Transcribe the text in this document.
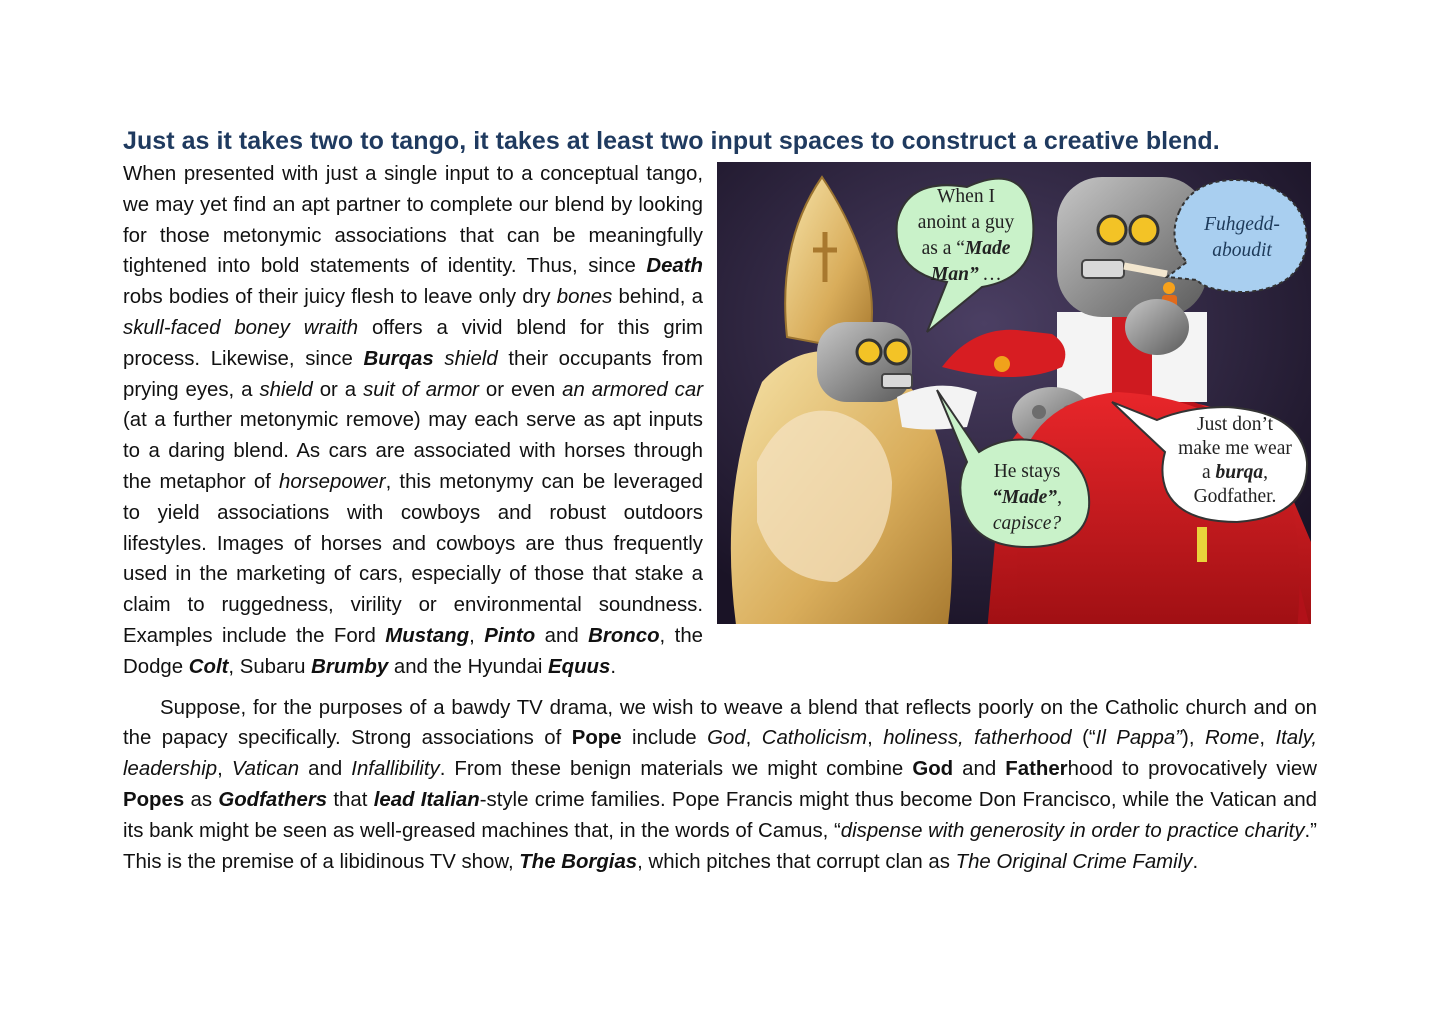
Just as it takes two to tango, it takes at least two input spaces to construct a creative blend.
When I
anoint a guy
as a “Made
Man” …
Fuhgedd-
aboudit
He stays
“Made”,
capisce?
Just don’t
make me wear
a burqa,
Godfather.

When presented with just a single input to a conceptual tango, we may yet find an apt partner to complete our blend by looking  for those metonymic associations that can be meaningfully tightened into bold statements of identity. Thus, since Death robs bodies of their juicy flesh to leave only dry bones behind, a skull-faced boney wraith offers a vivid blend for this grim process. Likewise, since Burqas shield their occupants from prying eyes, a shield or a suit of armor or even an armored car (at a further metonymic remove) may each serve as apt inputs to a daring blend. As cars are associated with horses through the metaphor of horsepower, this metonymy can be leveraged to yield associations with cowboys and robust outdoors lifestyles. Images of horses and cowboys are thus frequently used in the marketing of cars, especially of those that stake a claim to ruggedness, virility or environmental soundness. Examples include the Ford Mustang, Pinto and Bronco, the Dodge Colt, Subaru Brumby and the Hyundai Equus.

Suppose, for the purposes of a bawdy TV drama, we wish to weave a blend that reflects poorly on the Catholic church and on the papacy specifically. Strong associations of Pope include God, Catholicism, holiness, fatherhood (“Il Pappa”), Rome, Italy, leadership, Vatican and Infallibility. From these benign materials we might combine God and Fatherhood to provocatively view Popes as Godfathers that lead Italian-style crime families. Pope Francis might thus become Don Francisco, while the Vatican and its bank might be seen as well-greased machines that, in the words of Camus, “dispense with generosity in order to practice charity.” This is the premise of a libidinous TV show, The Borgias, which pitches that corrupt clan as The Original Crime Family.
